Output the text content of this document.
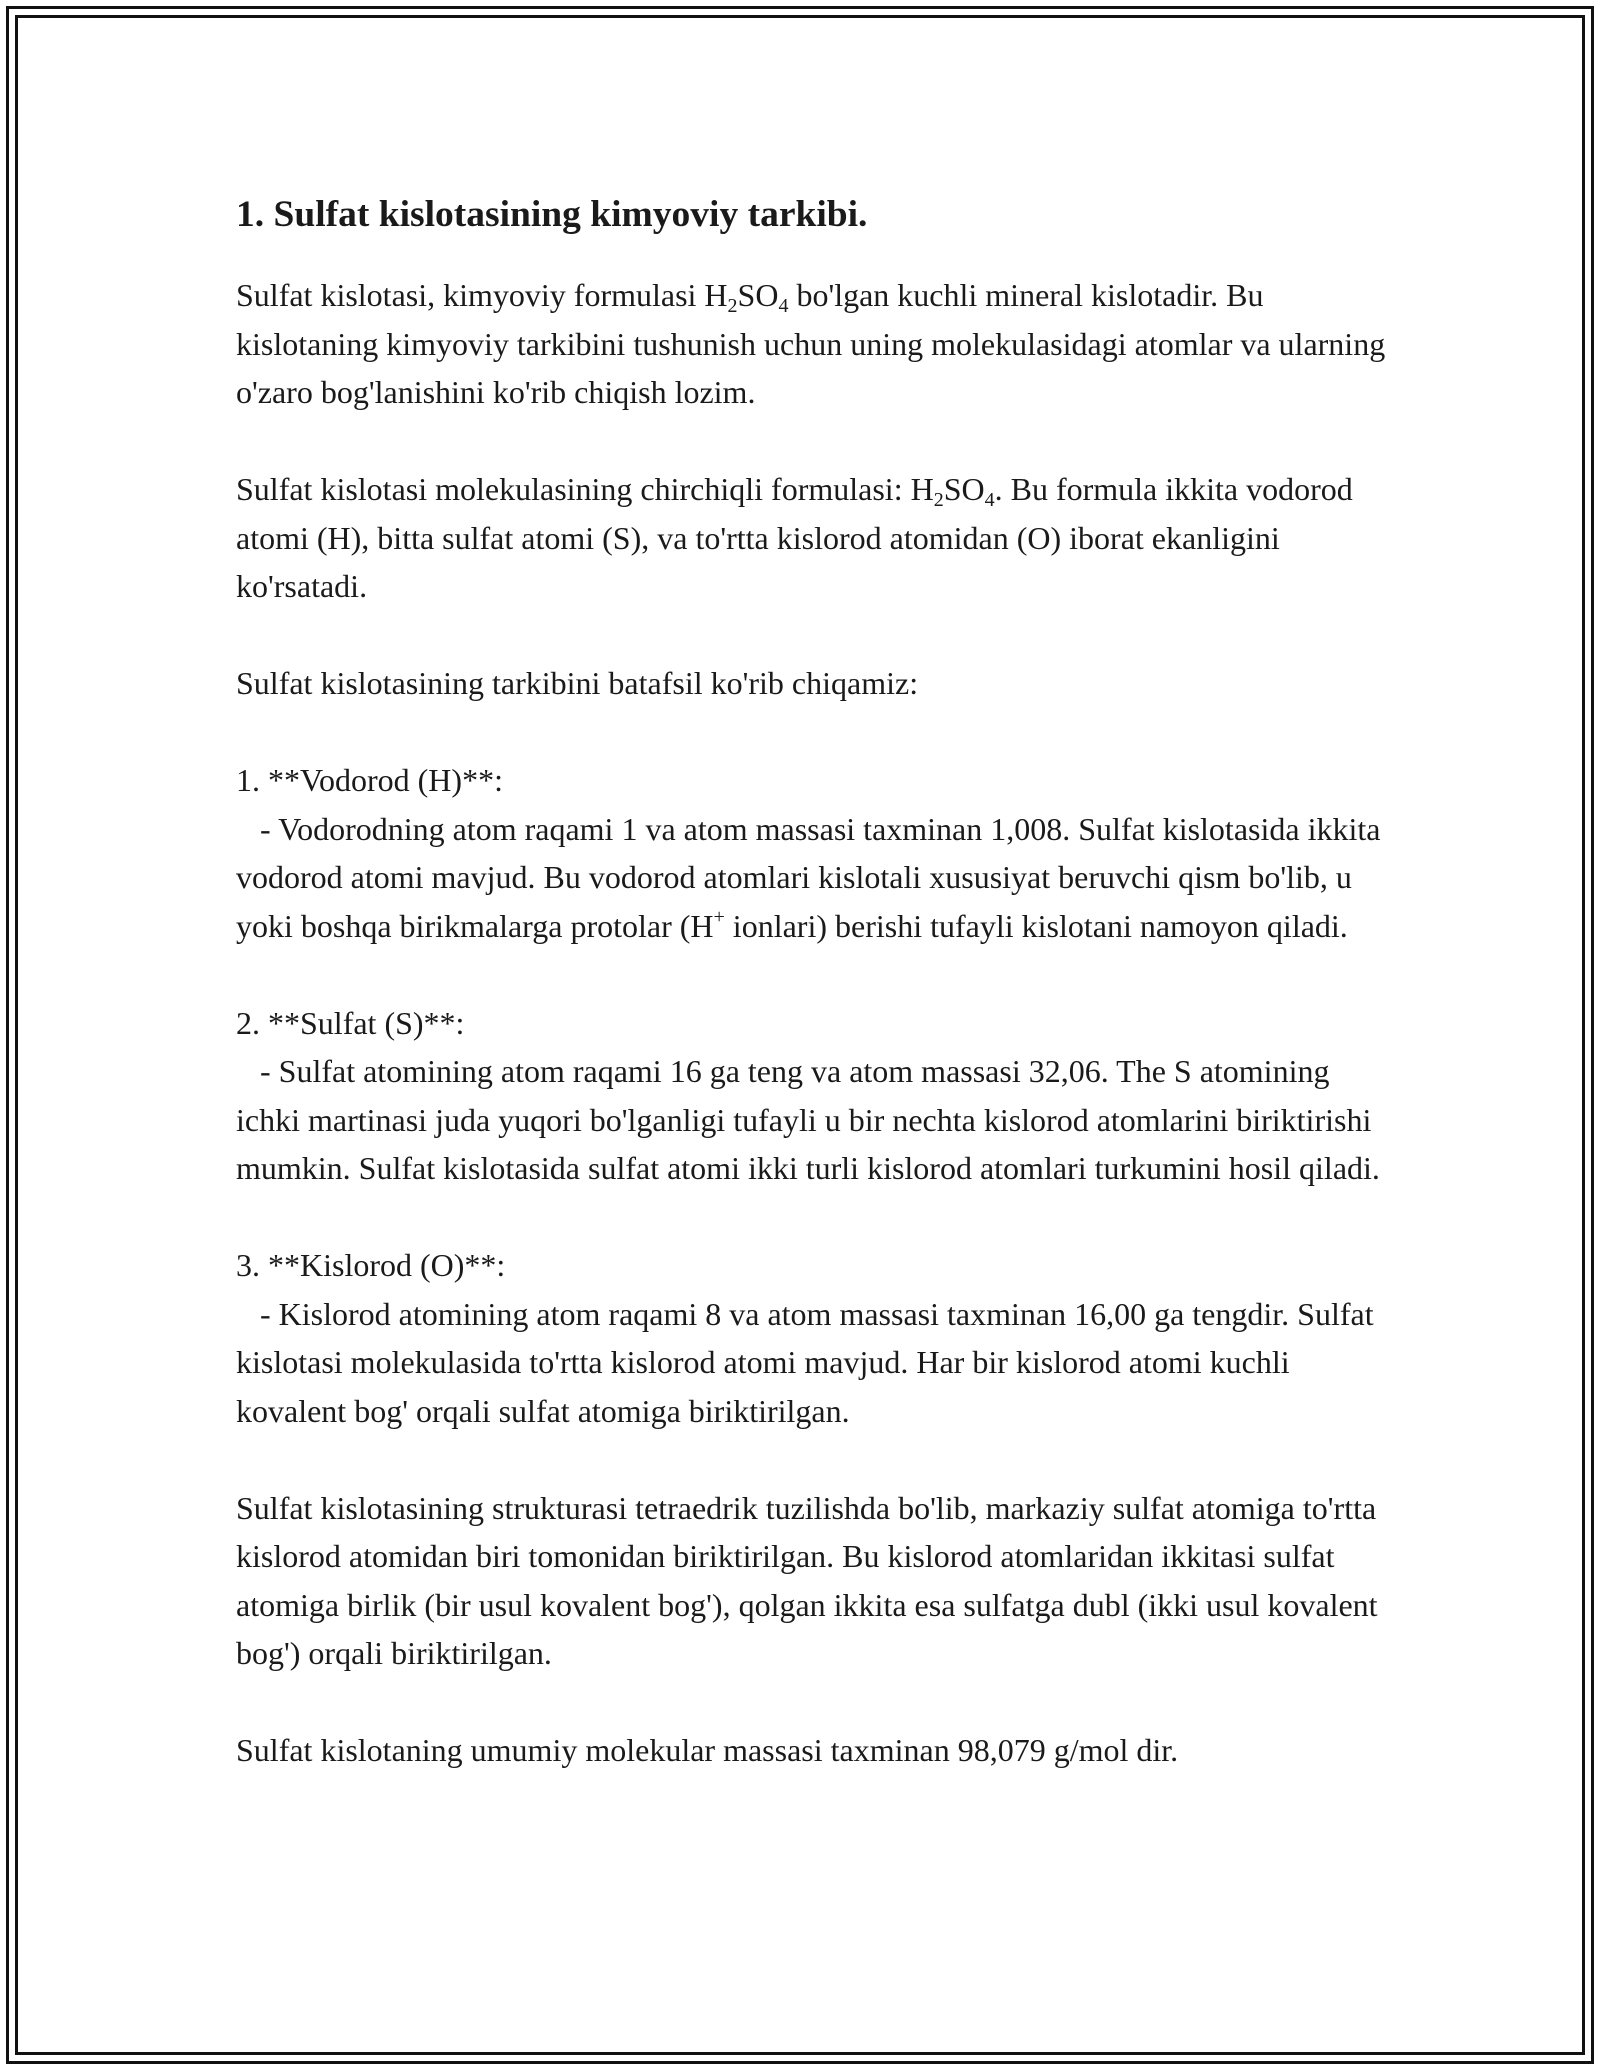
1. Sulfat kislotasining kimyoviy tarkibi.

Sulfat kislotasi, kimyoviy formulasi $H_2SO_4$ bo'lgan kuchli mineral kislotadir. Bu kislotaning kimyoviy tarkibini tushunish uchun uning molekulasidagi atomlar va ularning o'zaro bog'lanishini ko'rib chiqish lozim.

Sulfat kislotasi molekulasining chirchiqli formulasi: $H_2SO_4$. Bu formula ikkita vodorod atomi (H), bitta sulfat atomi (S), va to'rtta kislorod atomidan (O) iborat ekanligini ko'rsatadi.

Sulfat kislotasining tarkibini batafsil ko'rib chiqamiz:

1. **Vodorod (H)**:
- Vodorodning atom raqami 1 va atom massasi taxminan 1,008. Sulfat kislotasida ikkita vodorod atomi mavjud. Bu vodorod atomlari kislotali xususiyat beruvchi qism bo'lib, u yoki boshqa birikmalarga protolar (H+ ionlari) berishi tufayli kislotani namoyon qiladi.

2. **Sulfat (S)**:
- Sulfat atomining atom raqami 16 ga teng va atom massasi 32,06. The S atomining ichki martinasi juda yuqori bo'lganligi tufayli u bir nechta kislorod atomlarini biriktirishi mumkin. Sulfat kislotasida sulfat atomi ikki turli kislorod atomlari turkumini hosil qiladi.

3. **Kislorod (O)**:
- Kislorod atomining atom raqami 8 va atom massasi taxminan 16,00 ga tengdir. Sulfat kislotasi molekulasida to'rtta kislorod atomi mavjud. Har bir kislorod atomi kuchli kovalent bog' orqali sulfat atomiga biriktirilgan.

Sulfat kislotasining strukturasi tetraedrik tuzilishda bo'lib, markaziy sulfat atomiga to'rtta kislorod atomidan biri tomonidan biriktirilgan. Bu kislorod atomlaridan ikkitasi sulfat atomiga birlik (bir usul kovalent bog'), qolgan ikkita esa sulfatga dubl (ikki usul kovalent bog') orqali biriktirilgan.

Sulfat kislotaning umumiy molekular massasi taxminan 98,079 g/mol dir.
